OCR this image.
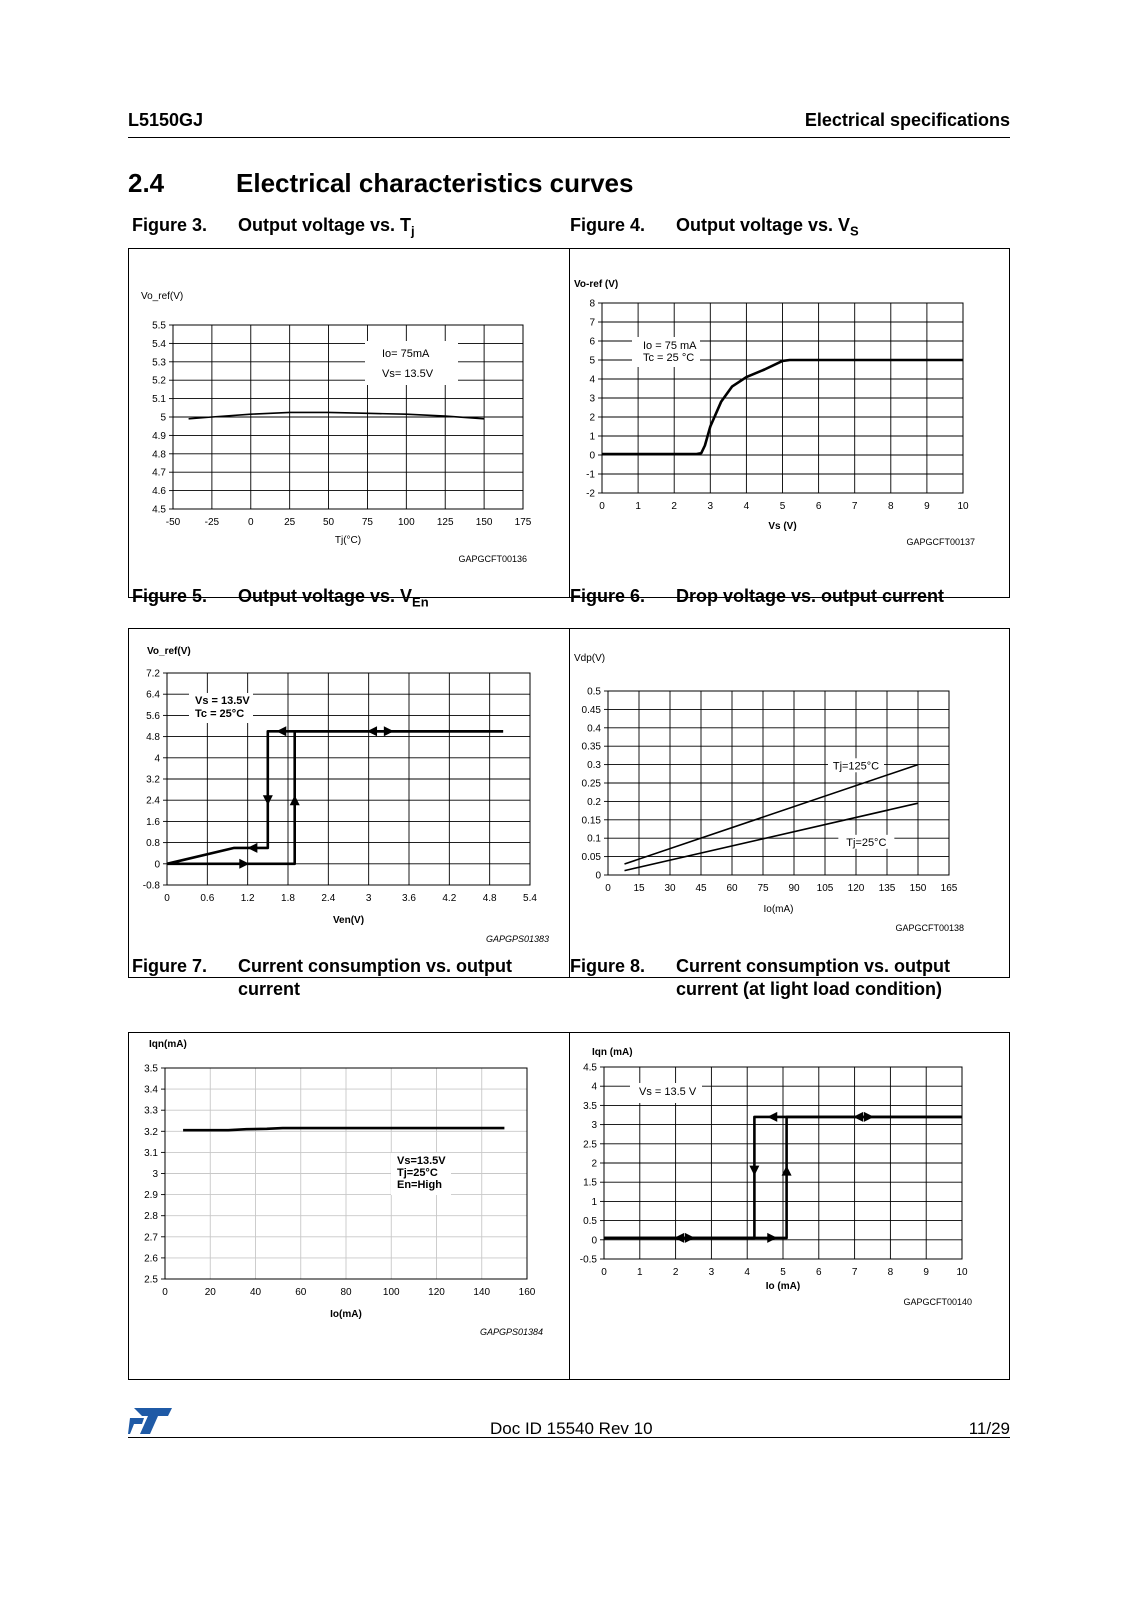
L5150GJ	Electrical specifications
2.4	Electrical characteristics curves
Figure 3. Output voltage vs. $T_j$	Figure 4. Output voltage vs. $V_S$
Figure 5. Output voltage vs. $V_{En}$	Figure 6. Drop voltage vs. output current
Figure 7. Current consumption vs. output current
Figure 8. Current consumption vs. output current (at light load condition)
-50 -25	0	25	50	75 100 125 150 175
4.5
4.6
4.7
4.8
4.9
5
5.1
5.2
5.3
5.4
5.5
Vo_ref(V)
Tj(°C)
GAPGCFT00136
Io= 75mA
Vs= 13.5V
0	1	2	3	4	5	6	7	8	9	10
-2
-1
0
1
2
3
4
5
6
7
8
Vo-ref (V)
Vs (V)
GAPGCFT00137
Io = 75 mA
Tc = 25 °C
0	0.6	1.2	1.8	2.4	3	3.6	4.2	4.8	5.4
-0.8
0
0.8
1.6
2.4
3.2
4
4.8
5.6
6.4
7.2
Vo_ref(V)
Ven(V)
GAPGPS01383
Vs = 13.5V
Tc = 25°C
0 15 30 45 60 75 90 105 120 135 150 165
0
0.05
0.1
0.15
0.2
0.25
0.3
0.35
0.4
0.45
0.5
Vdp(V)
Io(mA)
GAPGCFT00138
Tj=125°C
Tj=25°C
0	20	40	60	80	100	120	140	160
2.5
2.6
2.7
2.8
2.9
3
3.1
3.2
3.3
3.4
3.5
Iqn(mA)
Io(mA)
GAPGPS01384
Vs=13.5V
Tj=25°C
En=High
0	1	2	3	4	5	6	7	8	9	10
-0.5
0
0.5
1
1.5
2
2.5
3
3.5
4
4.5
Iqn (mA)
Io (mA)
GAPGCFT00140
Vs = 13.5 V
Doc ID 15540 Rev 10	11/29
